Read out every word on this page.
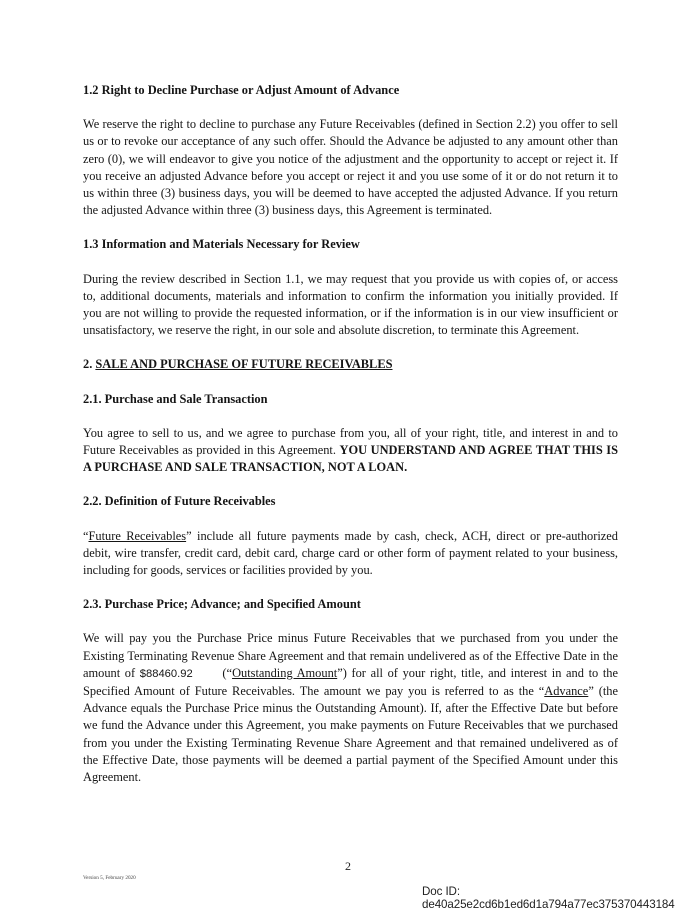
1.2 Right to Decline Purchase or Adjust Amount of Advance

We reserve the right to decline to purchase any Future Receivables (defined in Section 2.2) you offer to sell us or to revoke our acceptance of any such offer. Should the Advance be adjusted to any amount other than zero (0), we will endeavor to give you notice of the adjustment and the opportunity to accept or reject it. If you receive an adjusted Advance before you accept or reject it and you use some of it or do not return it to us within three (3) business days, you will be deemed to have accepted the adjusted Advance. If you return the adjusted Advance within three (3) business days, this Agreement is terminated.

1.3 Information and Materials Necessary for Review

During the review described in Section 1.1, we may request that you provide us with copies of, or access to, additional documents, materials and information to confirm the information you initially provided. If you are not willing to provide the requested information, or if the information is in our view insufficient or unsatisfactory, we reserve the right, in our sole and absolute discretion, to terminate this Agreement.

2. SALE AND PURCHASE OF FUTURE RECEIVABLES

2.1. Purchase and Sale Transaction

You agree to sell to us, and we agree to purchase from you, all of your right, title, and interest in and to Future Receivables as provided in this Agreement. YOU UNDERSTAND AND AGREE THAT THIS IS A PURCHASE AND SALE TRANSACTION, NOT A LOAN.

2.2. Definition of Future Receivables

“Future Receivables” include all future payments made by cash, check, ACH, direct or pre-authorized debit, wire transfer, credit card, debit card, charge card or other form of payment related to your business, including for goods, services or facilities provided by you.

2.3. Purchase Price; Advance; and Specified Amount

We will pay you the Purchase Price minus Future Receivables that we purchased from you under the Existing Terminating Revenue Share Agreement and that remain undelivered as of the Effective Date in the amount of $88460.92 (“Outstanding Amount”) for all of your right, title, and interest in and to the Specified Amount of Future Receivables. The amount we pay you is referred to as the “Advance” (the Advance equals the Purchase Price minus the Outstanding Amount). If, after the Effective Date but before we fund the Advance under this Agreement, you make payments on Future Receivables that we purchased from you under the Existing Terminating Revenue Share Agreement and that remained undelivered as of the Effective Date, those payments will be deemed a partial payment of the Specified Amount under this Agreement.

2
Version 5, February 2020
Doc ID: de40a25e2cd6b1ed6d1a794a77ec375370443184
